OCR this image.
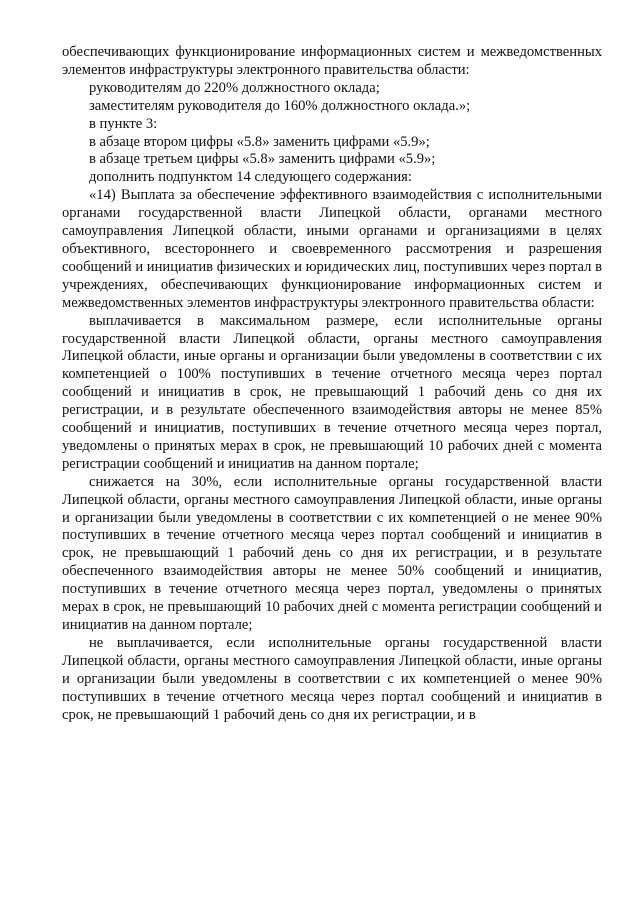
обеспечивающих функционирование информационных систем и межведомственных элементов инфраструктуры электронного правительства области:

руководителям до 220% должностного оклада;

заместителям руководителя до 160% должностного оклада.»;

в пункте 3:

в абзаце втором цифры «5.8» заменить цифрами «5.9»;

в абзаце третьем цифры «5.8» заменить цифрами «5.9»;

дополнить подпунктом 14 следующего содержания:

«14) Выплата за обеспечение эффективного взаимодействия с исполнительными органами государственной власти Липецкой области, органами местного самоуправления Липецкой области, иными органами и организациями в целях объективного, всестороннего и своевременного рассмотрения и разрешения сообщений и инициатив физических и юридических лиц, поступивших через портал в учреждениях, обеспечивающих функционирование информационных систем и межведомственных элементов инфраструктуры электронного правительства области:

выплачивается в максимальном размере, если исполнительные органы государственной власти Липецкой области, органы местного самоуправления Липецкой области, иные органы и организации были уведомлены в соответствии с их компетенцией о 100% поступивших в течение отчетного месяца через портал сообщений и инициатив в срок, не превышающий 1 рабочий день со дня их регистрации, и в результате обеспеченного взаимодействия авторы не менее 85% сообщений и инициатив, поступивших в течение отчетного месяца через портал, уведомлены о принятых мерах в срок, не превышающий 10 рабочих дней с момента регистрации сообщений и инициатив на данном портале;

снижается на 30%, если исполнительные органы государственной власти Липецкой области, органы местного самоуправления Липецкой области, иные органы и организации были уведомлены в соответствии с их компетенцией о не менее 90% поступивших в течение отчетного месяца через портал сообщений и инициатив в срок, не превышающий 1 рабочий день со дня их регистрации, и в результате обеспеченного взаимодействия авторы не менее 50% сообщений и инициатив, поступивших в течение отчетного месяца через портал, уведомлены о принятых мерах в срок, не превышающий 10 рабочих дней с момента регистрации сообщений и инициатив на данном портале;

не выплачивается, если исполнительные органы государственной власти Липецкой области, органы местного самоуправления Липецкой области, иные органы и организации были уведомлены в соответствии с их компетенцией о менее 90% поступивших в течение отчетного месяца через портал сообщений и инициатив в срок, не превышающий 1 рабочий день со дня их регистрации, и в
